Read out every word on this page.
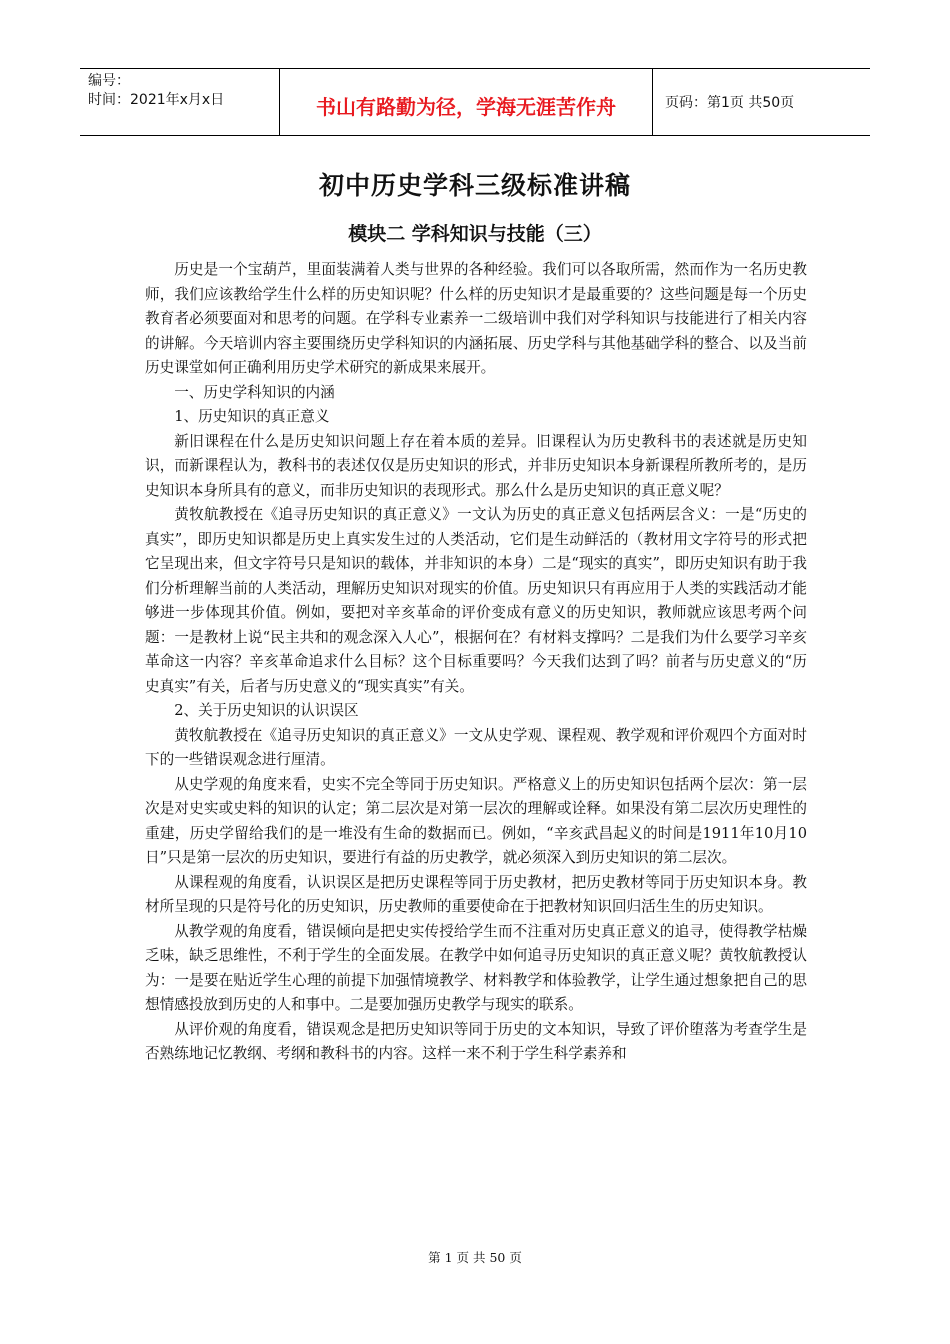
编号：
时间：2021年x月x日	书山有路勤为径，学海无涯苦作舟	页码：第1页 共50页
初中历史学科三级标准讲稿
模块二 学科知识与技能（三）

历史是一个宝葫芦，里面装满着人类与世界的各种经验。我们可以各取所需，然而作为一名历史教师，我们应该教给学生什么样的历史知识呢？什么样的历史知识才是最重要的？这些问题是每一个历史教育者必须要面对和思考的问题。在学科专业素养一二级培训中我们对学科知识与技能进行了相关内容的讲解。今天培训内容主要围绕历史学科知识的内涵拓展、历史学科与其他基础学科的整合、以及当前历史课堂如何正确利用历史学术研究的新成果来展开。

一、历史学科知识的内涵

1、历史知识的真正意义

新旧课程在什么是历史知识问题上存在着本质的差异。旧课程认为历史教科书的表述就是历史知识，而新课程认为，教科书的表述仅仅是历史知识的形式，并非历史知识本身新课程所教所考的，是历史知识本身所具有的意义，而非历史知识的表现形式。那么什么是历史知识的真正意义呢？

黄牧航教授在《追寻历史知识的真正意义》一文认为历史的真正意义包括两层含义：一是“历史的真实”，即历史知识都是历史上真实发生过的人类活动，它们是生动鲜活的（教材用文字符号的形式把它呈现出来，但文字符号只是知识的载体，并非知识的本身）二是“现实的真实”，即历史知识有助于我们分析理解当前的人类活动，理解历史知识对现实的价值。历史知识只有再应用于人类的实践活动才能够进一步体现其价值。例如，要把对辛亥革命的评价变成有意义的历史知识，教师就应该思考两个问题：一是教材上说“民主共和的观念深入人心”，根据何在？有材料支撑吗？二是我们为什么要学习辛亥革命这一内容？辛亥革命追求什么目标？这个目标重要吗？今天我们达到了吗？前者与历史意义的“历史真实”有关，后者与历史意义的“现实真实”有关。

2、关于历史知识的认识误区

黄牧航教授在《追寻历史知识的真正意义》一文从史学观、课程观、教学观和评价观四个方面对时下的一些错误观念进行厘清。

从史学观的角度来看，史实不完全等同于历史知识。严格意义上的历史知识包括两个层次：第一层次是对史实或史料的知识的认定；第二层次是对第一层次的理解或诠释。如果没有第二层次历史理性的重建，历史学留给我们的是一堆没有生命的数据而已。例如，“辛亥武昌起义的时间是1911年10月10日”只是第一层次的历史知识，要进行有益的历史教学，就必须深入到历史知识的第二层次。

从课程观的角度看，认识误区是把历史课程等同于历史教材，把历史教材等同于历史知识本身。教材所呈现的只是符号化的历史知识，历史教师的重要使命在于把教材知识回归活生生的历史知识。

从教学观的角度看，错误倾向是把史实传授给学生而不注重对历史真正意义的追寻，使得教学枯燥乏味，缺乏思维性，不利于学生的全面发展。在教学中如何追寻历史知识的真正意义呢？黄牧航教授认为：一是要在贴近学生心理的前提下加强情境教学、材料教学和体验教学，让学生通过想象把自己的思想情感投放到历史的人和事中。二是要加强历史教学与现实的联系。

从评价观的角度看，错误观念是把历史知识等同于历史的文本知识，导致了评价堕落为考查学生是否熟练地记忆教纲、考纲和教科书的内容。这样一来不利于学生科学素养和

第 1 页 共 50 页
